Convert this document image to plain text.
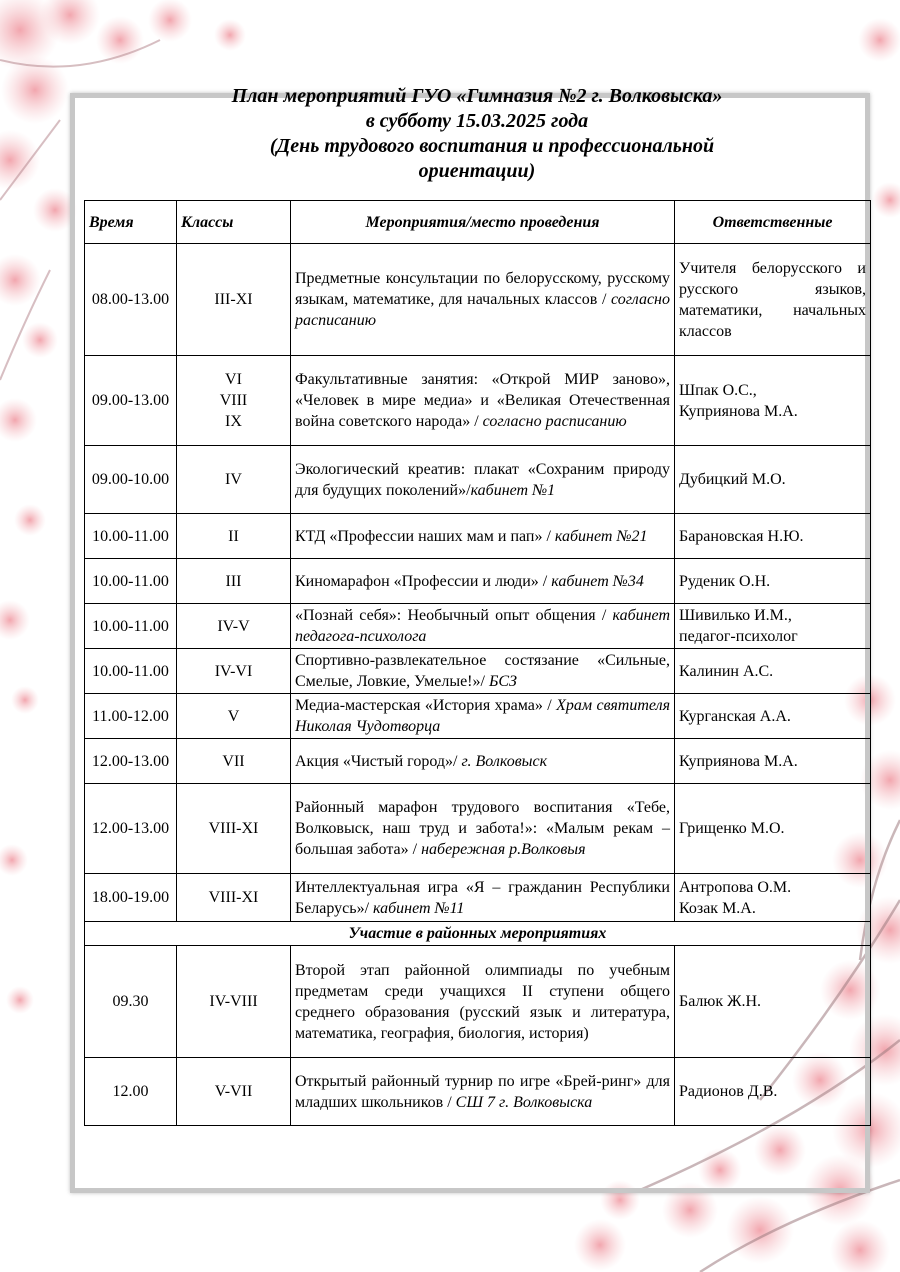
План мероприятий ГУО «Гимназия №2 г. Волковыска»
в субботу 15.03.2025 года
(День трудового воспитания и профессиональной
ориентации)
Время	Классы	Мероприятия/место проведения	Ответственные
08.00-13.00	III-XI	Предметные консультации по белорусскому, русскому языкам, математике, для начальных классов / согласно расписанию	Учителя белорусского и русского языков, математики, начальных классов

09.00-13.00	VI
VIII
IX	Факультативные занятия: «Открой МИР заново», «Человек в мире медиа» и «Великая Отечественная война советского народа» / согласно расписанию	Шпак О.С.,
Куприянова М.А.

09.00-10.00	IV	Экологический креатив: плакат «Сохраним природу для будущих поколений»/кабинет №1	Дубицкий М.О.

10.00-11.00	II	КТД «Профессии наших мам и пап» / кабинет №21	Барановская Н.Ю.

10.00-11.00	III	Киномарафон «Профессии и люди» / кабинет №34	Руденик О.Н.

10.00-11.00	IV-V	«Познай себя»: Необычный опыт общения / кабинет педагога-психолога	Шивилько И.М.,
педагог-психолог

10.00-11.00	IV-VI	Спортивно-развлекательное состязание «Сильные, Смелые, Ловкие, Умелые!»/ БСЗ	Калинин А.С.

11.00-12.00	V	Медиа-мастерская «История храма» / Храм святителя Николая Чудотворца	Курганская А.А.

12.00-13.00	VII	Акция «Чистый город»/ г. Волковыск	Куприянова М.А.

12.00-13.00	VIII-XI	Районный марафон трудового воспитания «Тебе, Волковыск, наш труд и забота!»: «Малым рекам – большая забота» / набережная р.Волковыя	Грищенко М.О.

18.00-19.00	VIII-XI	Интеллектуальная игра «Я – гражданин Республики Беларусь»/ кабинет №11	Антропова О.М.
Козак М.А.

Участие в районных мероприятиях			
09.30	IV-VIII	Второй этап районной олимпиады по учебным предметам среди учащихся II ступени общего среднего образования (русский язык и литература, математика, география, биология, история)	Балюк Ж.Н.

12.00	V-VII	Открытый районный турнир по игре «Брей-ринг» для младших школьников / СШ 7 г. Волковыска	Радионов Д.В.
